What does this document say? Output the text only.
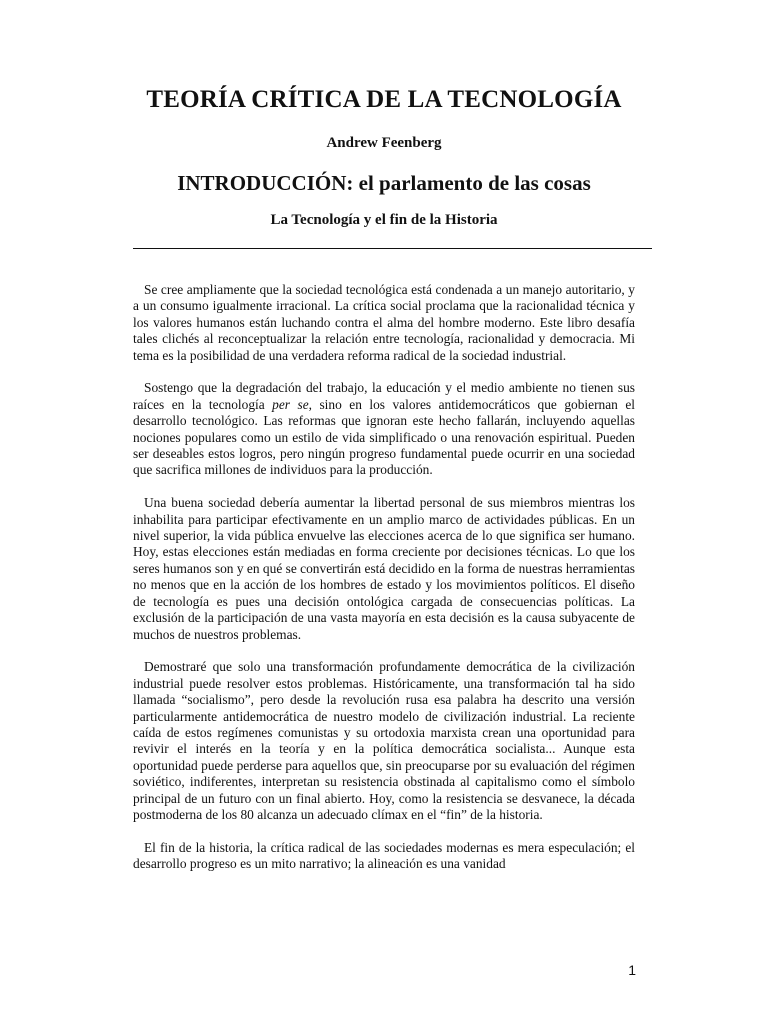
TEORÍA CRÍTICA DE LA TECNOLOGÍA
Andrew Feenberg
INTRODUCCIÓN: el parlamento de las cosas
La Tecnología y el fin de la Historia

Se cree ampliamente que la sociedad tecnológica está condenada a un manejo autoritario, y a un consumo igualmente irracional. La crítica social proclama que la racionalidad técnica y los valores humanos están luchando contra el alma del hombre moderno. Este libro desafía tales clichés al reconceptualizar la relación entre tecnología, racionalidad y democracia. Mi tema es la posibilidad de una verdadera reforma radical de la sociedad industrial.

Sostengo que la degradación del trabajo, la educación y el medio ambiente no tienen sus raíces en la tecnología per se, sino en los valores antidemocráticos que gobiernan el desarrollo tecnológico. Las reformas que ignoran este hecho fallarán, incluyendo aquellas nociones populares como un estilo de vida simplificado o una renovación espiritual. Pueden ser deseables estos logros, pero ningún progreso fundamental puede ocurrir en una sociedad que sacrifica millones de individuos para la producción.

Una buena sociedad debería aumentar la libertad personal de sus miembros mientras los inhabilita para participar efectivamente en un amplio marco de actividades públicas. En un nivel superior, la vida pública envuelve las elecciones acerca de lo que significa ser humano. Hoy, estas elecciones están mediadas en forma creciente por decisiones técnicas. Lo que los seres humanos son y en qué se convertirán está decidido en la forma de nuestras herramientas no menos que en la acción de los hombres de estado y los movimientos políticos. El diseño de tecnología es pues una decisión ontológica cargada de consecuencias políticas. La exclusión de la participación de una vasta mayoría en esta decisión es la causa subyacente de muchos de nuestros problemas.

Demostraré que solo una transformación profundamente democrática de la civilización industrial puede resolver estos problemas. Históricamente, una transformación tal ha sido llamada “socialismo”, pero desde la revolución rusa esa palabra ha descrito una versión particularmente antidemocrática de nuestro modelo de civilización industrial. La reciente caída de estos regímenes comunistas y su ortodoxia marxista crean una oportunidad para revivir el interés en la teoría y en la política democrática socialista... Aunque esta oportunidad puede perderse para aquellos que, sin preocuparse por su evaluación del régimen soviético, indiferentes, interpretan su resistencia obstinada al capitalismo como el símbolo principal de un futuro con un final abierto. Hoy, como la resistencia se desvanece, la década postmoderna de los 80 alcanza un adecuado clímax en el “fin” de la historia.

El fin de la historia, la crítica radical de las sociedades modernas es mera especulación; el desarrollo progreso es un mito narrativo; la alineación es una vanidad

1
